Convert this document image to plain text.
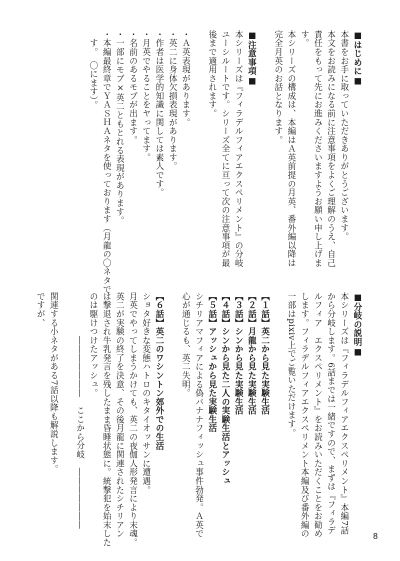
■はじめに■

本書をお手に取っていただきありがとうございます。

本文をお読みになる前に注意事項をよくご理解のうえ、自己

責任をもって先にお進みくださいますようお願い申し上げま

す。

本シリーズの構成は、本編はＡ英前提の月英、番外編以降は

完全月英のお話となります。

■注意事項■

本シリーズは『フィラデルフィアエクスペリメント』の分岐

ユーシルートです。シリーズ全てに亘って次の注意事項が最

後まで適用されます。

・Ａ英表現があります。

・英二に身体欠損表現があります。

・作者は医学的知識に関しては素人です。

・月英でやることをヤってます。

・名前のあるモブが出ます。

・一部にモブ×英二ともとれる表現があります。

・本編最終章でＹＡＳＨＡネタを使っております（月龍の〇ネタで

　す。　〇にます）。

■分岐の説明■

本シリーズは『フィラデルフィアエクスペリメント』本編7話

から分岐します。6話までは一緒ですので、まずは『フィラデ

ルフィア　エクスペリメント』をお読みいただくことをお勧め

します。フィラデルフィアエクスペリメント本編及び番外編の

一部はpixiv上でご覧いただけます。

【１話】英二から見た実験生活

【２話】月龍から見た実験生活

【３話】シンから見た実験生活

【４話】シンから見た二人の実験生活とアッシュ

【５話】アッシュから見た実験生活

シチリアマフィアによる偽バナナフィッシュ事件勃発。Ａ英で

心が通じるも、英二失明。

【６話】英二のワシントン郊外での生活

ショタ好きな変態ハトロのキタイオッサンに遭遇。

月英でやってしまうかけても、英二の夜伽人形発言により末魂。

英二が実験の終了を決意、その後月龍に関連されたシチリアン

は撃退され牛乳発言を残したまま昏睡状態に。統撃犯を始末した

のは駆けつけたアッシュ。

　　　　　―――――――　ここから分岐　―――――――

関連する小ネタがある7話以降も解説します。

ですが、

8
